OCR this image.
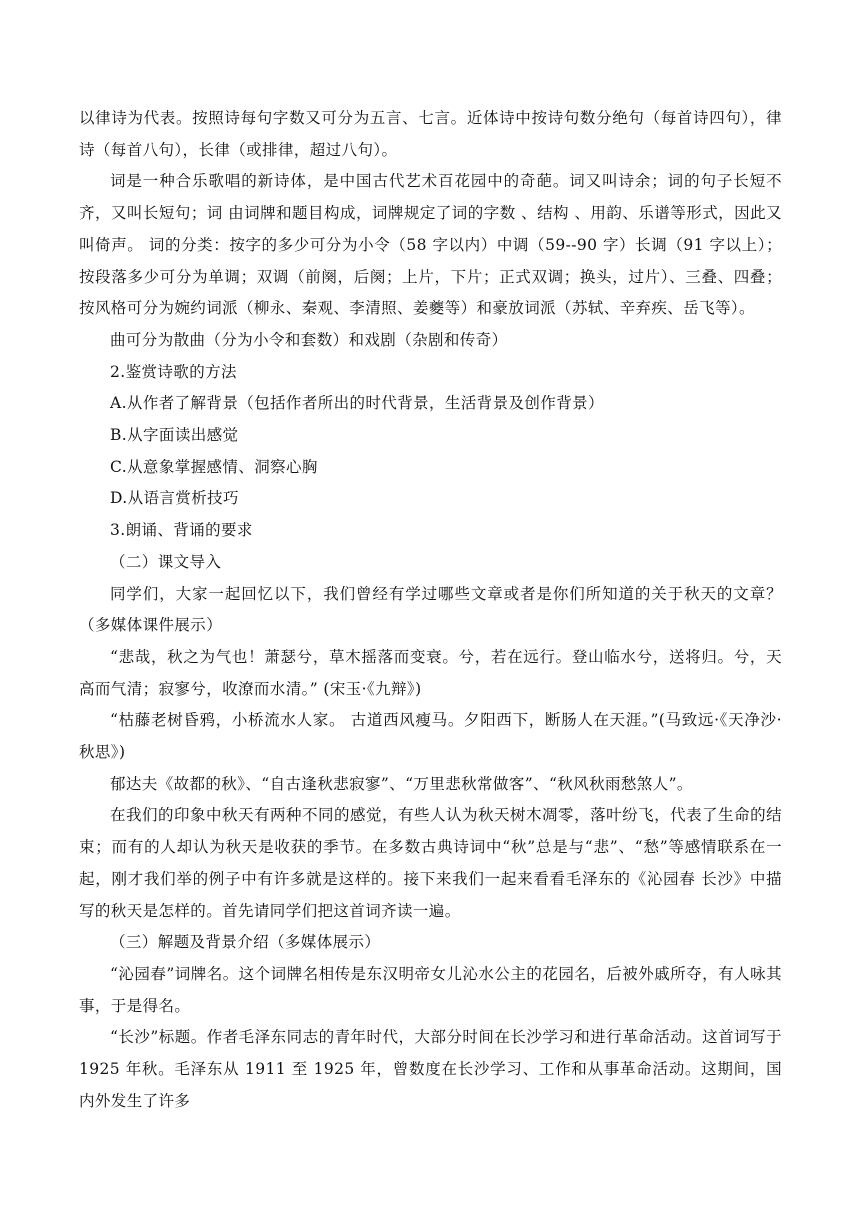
以律诗为代表。按照诗每句字数又可分为五言、七言。近体诗中按诗句数分绝句（每首诗四句），律诗（每首八句），长律（或排律，超过八句）。

词是一种合乐歌唱的新诗体，是中国古代艺术百花园中的奇葩。词又叫诗余；词的句子长短不齐，又叫长短句；词 由词牌和题目构成，词牌规定了词的字数 、结构 、用韵、乐谱等形式，因此又叫倚声。 词的分类：按字的多少可分为小令（58 字以内）中调（59--90 字）长调（91 字以上）；按段落多少可分为单调；双调（前阕，后阕；上片，下片；正式双调；换头，过片）、三叠、四叠；按风格可分为婉约词派（柳永、秦观、李清照、姜夔等）和豪放词派（苏轼、辛弃疾、岳飞等）。

曲可分为散曲（分为小令和套数）和戏剧（杂剧和传奇）

2.鉴赏诗歌的方法

A.从作者了解背景（包括作者所出的时代背景，生活背景及创作背景）

B.从字面读出感觉

C.从意象掌握感情、洞察心胸

D.从语言赏析技巧

3.朗诵、背诵的要求

（二）课文导入

同学们，大家一起回忆以下，我们曾经有学过哪些文章或者是你们所知道的关于秋天的文章？（多媒体课件展示）

“悲哉，秋之为气也！萧瑟兮，草木摇落而变衰。兮，若在远行。登山临水兮，送将归。兮，天高而气清；寂寥兮，收潦而水清。” (宋玉·《九辩》)

“枯藤老树昏鸦，小桥流水人家。 古道西风瘦马。夕阳西下，断肠人在天涯。”(马致远·《天净沙·秋思》)

郁达夫《故都的秋》、“自古逢秋悲寂寥”、“万里悲秋常做客”、“秋风秋雨愁煞人”。

在我们的印象中秋天有两种不同的感觉，有些人认为秋天树木凋零，落叶纷飞，代表了生命的结束；而有的人却认为秋天是收获的季节。在多数古典诗词中“秋”总是与“悲”、“愁”等感情联系在一起，刚才我们举的例子中有许多就是这样的。接下来我们一起来看看毛泽东的《沁园春 长沙》中描写的秋天是怎样的。首先请同学们把这首词齐读一遍。

（三）解题及背景介绍（多媒体展示）

“沁园春”词牌名。这个词牌名相传是东汉明帝女儿沁水公主的花园名，后被外戚所夺，有人咏其事，于是得名。

“长沙”标题。作者毛泽东同志的青年时代，大部分时间在长沙学习和进行革命活动。这首词写于 1925 年秋。毛泽东从 1911 至 1925 年，曾数度在长沙学习、工作和从事革命活动。这期间，国内外发生了许多
